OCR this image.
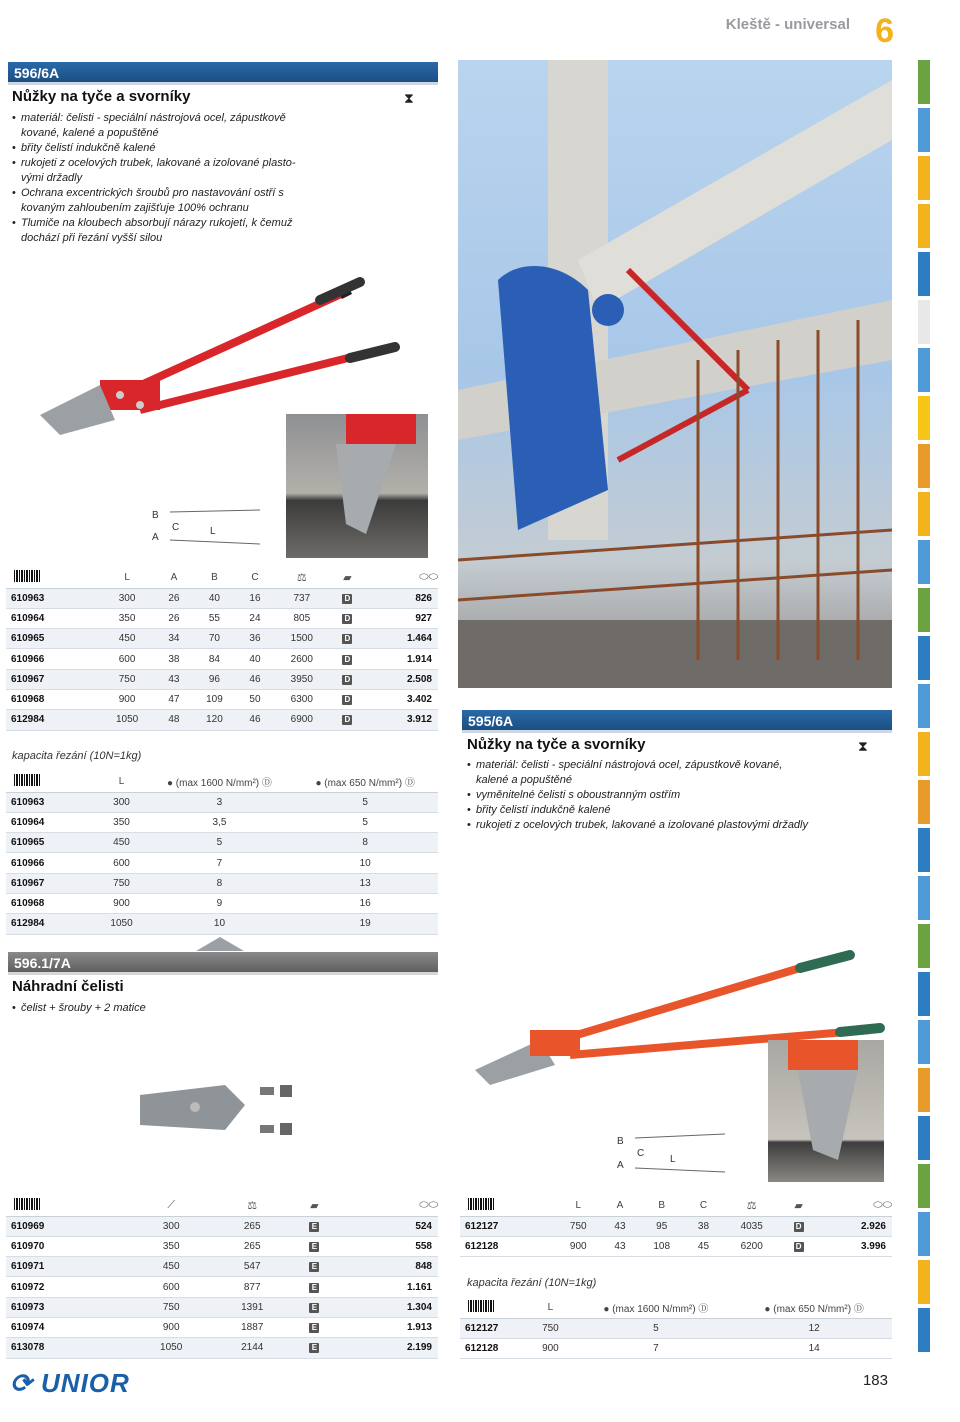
Kleště - universal 6
596/6A
Nůžky na tyče a svorníky	⧗
• materiál: čelisti - speciální nástrojová ocel, zápustkově kované, kalené a popuštěné
• břity čelistí indukčně kalené
• rukojeti z ocelových trubek, lakované a izolované plasto-vými držadly
• Ochrana excentrických šroubů pro nastavování ostří s kovaným zahloubením zajišťuje 100% ochranu
• Tlumiče na kloubech absorbují nárazy rukojetí, k čemuž dochází při řezání vyšší silou
B
C
A
L
	L	A	B	C	⚖	▰	⬭⬭
610963	300	26	40	16	737	D	826
610964	350	26	55	24	805	D	927
610965	450	34	70	36	1500	D	1.464
610966	600	38	84	40	2600	D	1.914
610967	750	43	96	46	3950	D	2.508
610968	900	47	109	50	6300	D	3.402
612984	1050	48	120	46	6900	D	3.912
kapacita řezání (10N=1kg)
	L	● (max 1600 N/mm²) Ⓓ	● (max 650 N/mm²) Ⓓ
610963	300	3	5
610964	350	3,5	5
610965	450	5	8
610966	600	7	10
610967	750	8	13
610968	900	9	16
612984	1050	10	19
596.1/7A
Náhradní čelisti
• čelist + šrouby + 2 matice
	⟋	⚖	▰	⬭⬭
610969	300	265	E	524
610970	350	265	E	558
610971	450	547	E	848
610972	600	877	E	1.161
610973	750	1391	E	1.304
610974	900	1887	E	1.913
613078	1050	2144	E	2.199
595/6A
Nůžky na tyče a svorníky	⧗
• materiál: čelisti - speciální nástrojová ocel, zápustkově kované, kalené a popuštěné
• vyměnitelné čelisti s oboustranným ostřím
• břity čelistí indukčně kalené
• rukojeti z ocelových trubek, lakované a izolované plastovými držadly
B
C
A
L
	L	A	B	C	⚖	▰	⬭⬭
612127	750	43	95	38	4035	D	2.926
612128	900	43	108	45	6200	D	3.996
kapacita řezání (10N=1kg)
	L	● (max 1600 N/mm²) Ⓓ	● (max 650 N/mm²) Ⓓ
612127	750	5	12
612128	900	7	14
⟳ UNIOR	183
